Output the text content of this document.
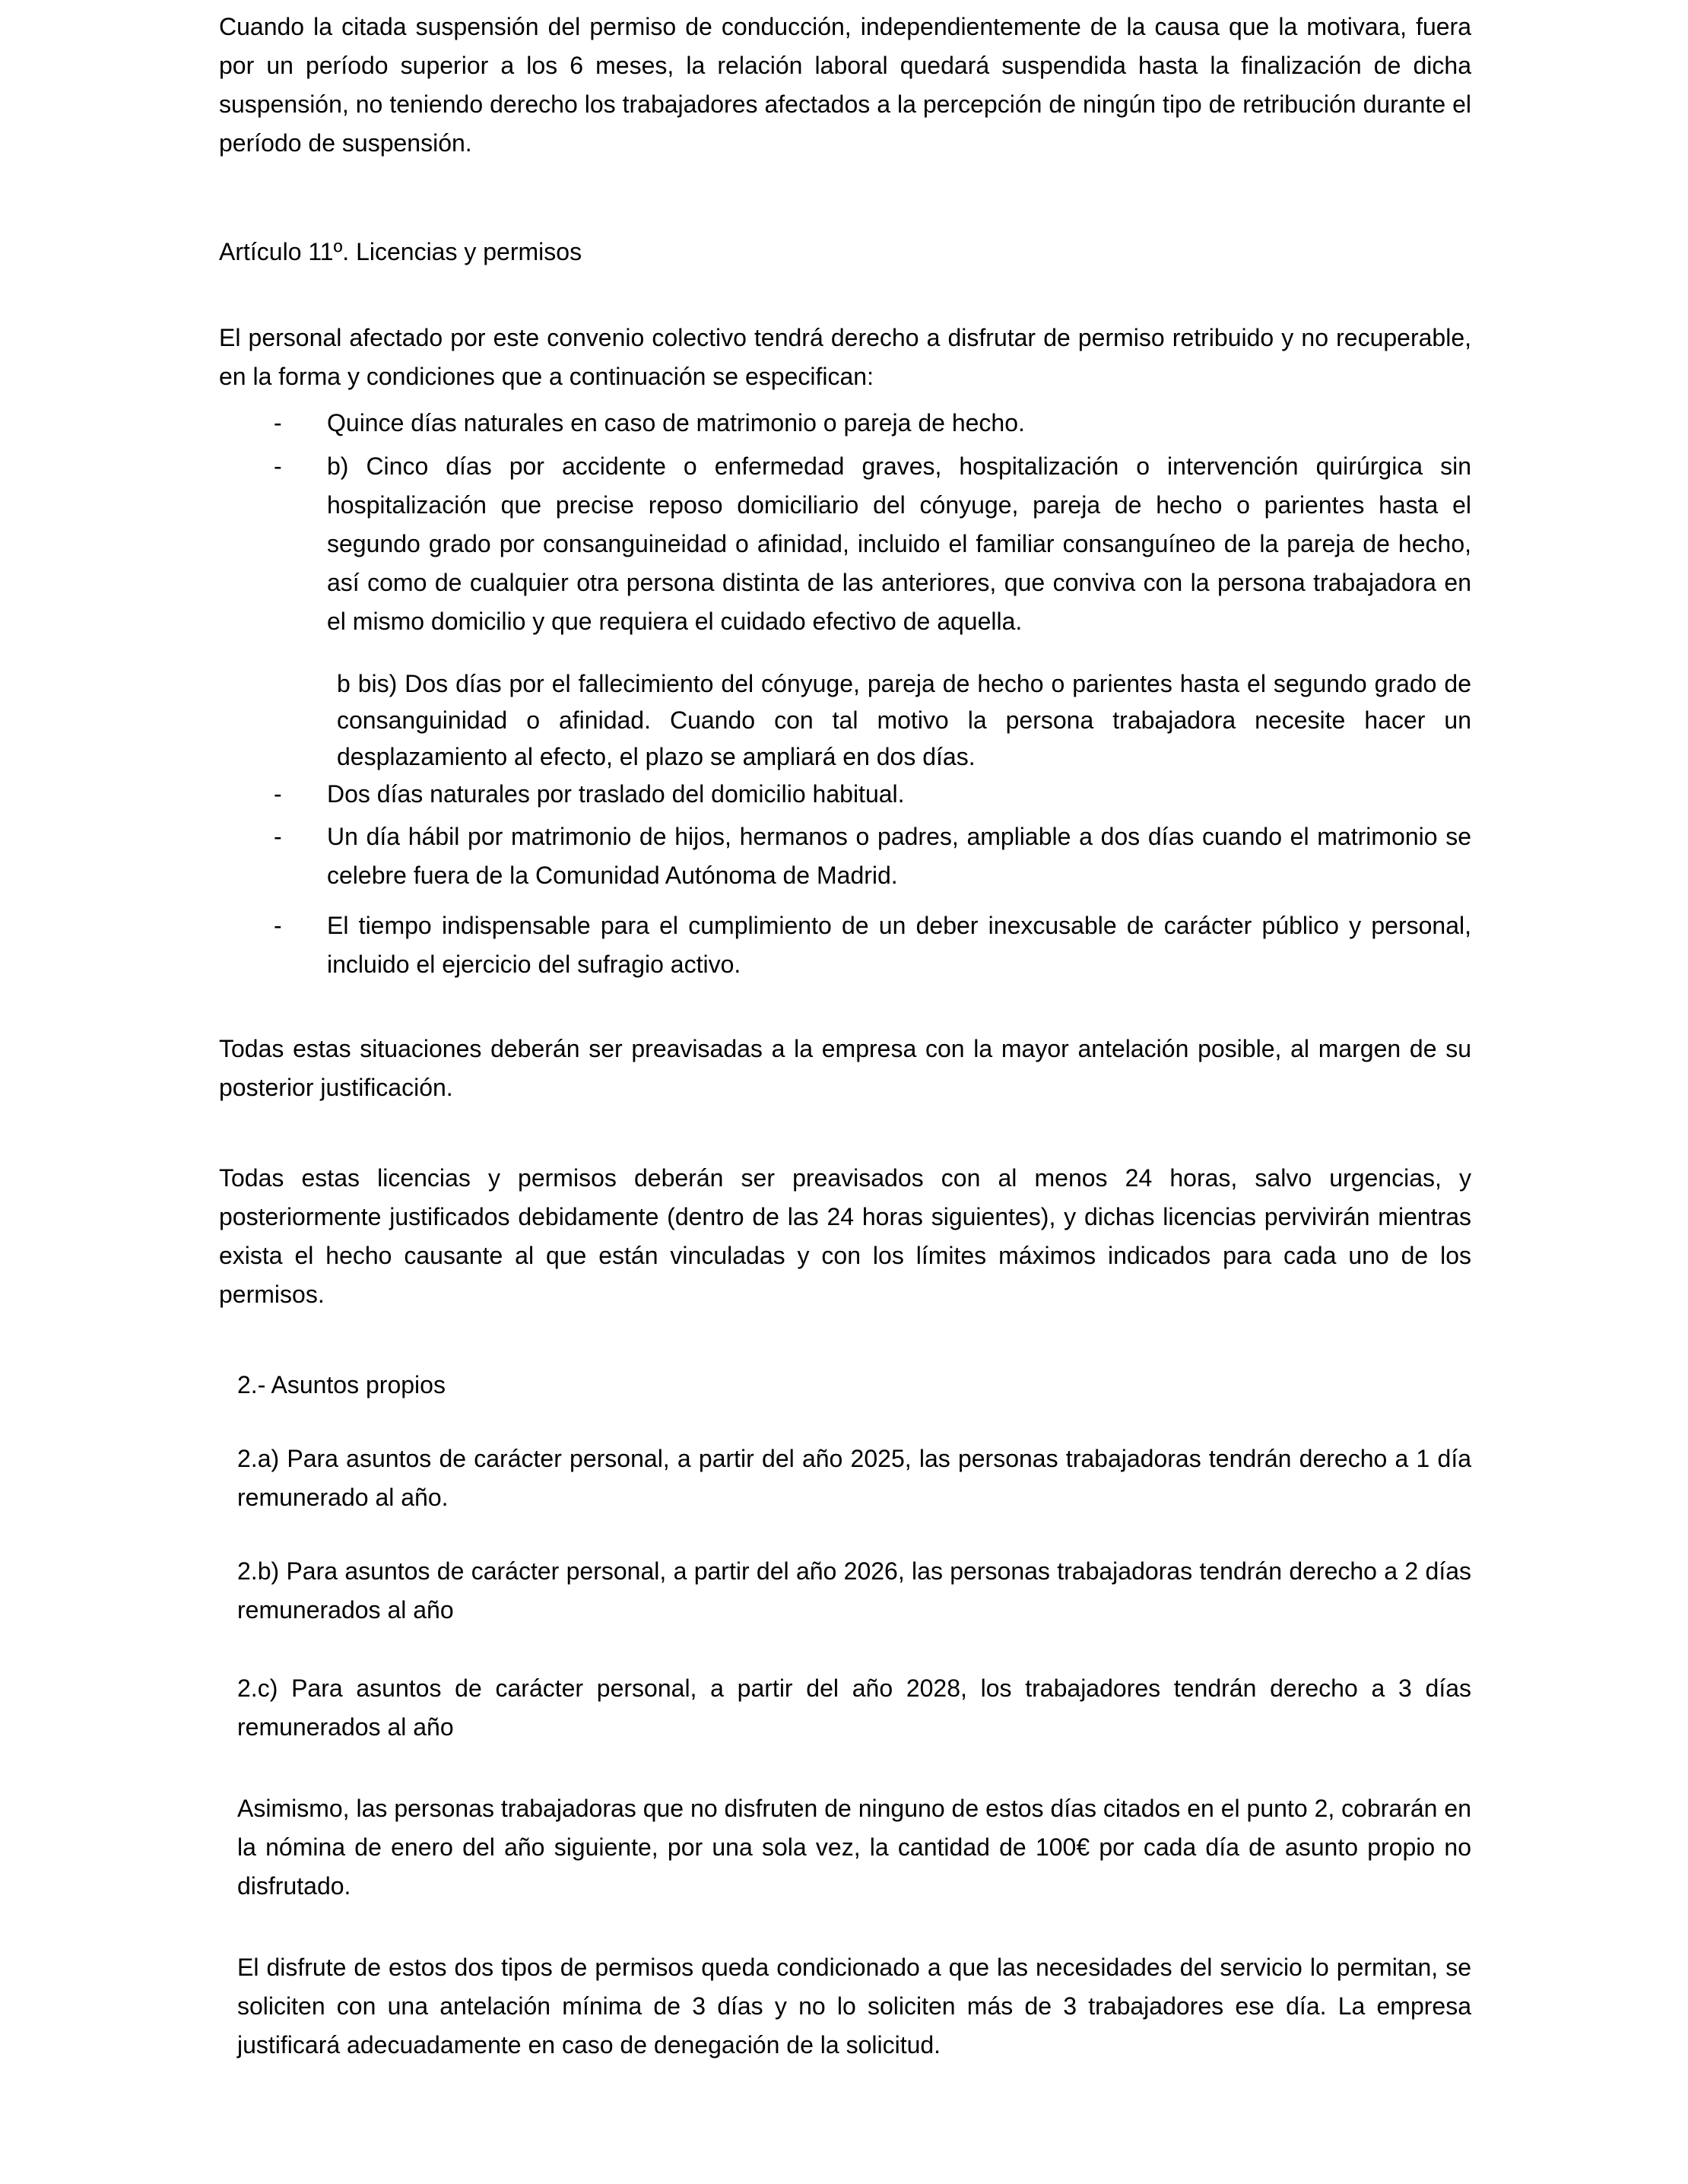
Cuando la citada suspensión del permiso de conducción, independientemente de la causa que la motivara, fuera por un período superior a los 6 meses, la relación laboral quedará suspendida hasta la finalización de dicha suspensión, no teniendo derecho los trabajadores afectados a la percepción de ningún tipo de retribución durante el período de suspensión.

Artículo 11º. Licencias y permisos

El personal afectado por este convenio colectivo tendrá derecho a disfrutar de permiso retribuido y no recuperable, en la forma y condiciones que a continuación se especifican:

- Quince días naturales en caso de matrimonio o pareja de hecho.
- b) Cinco días por accidente o enfermedad graves, hospitalización o intervención quirúrgica sin hospitalización que precise reposo domiciliario del cónyuge, pareja de hecho o parientes hasta el segundo grado por consanguineidad o afinidad, incluido el familiar consanguíneo de la pareja de hecho, así como de cualquier otra persona distinta de las anteriores, que conviva con la persona trabajadora en el mismo domicilio y que requiera el cuidado efectivo de aquella.

b bis) Dos días por el fallecimiento del cónyuge, pareja de hecho o parientes hasta el segundo grado de consanguinidad o afinidad. Cuando con tal motivo la persona trabajadora necesite hacer un desplazamiento al efecto, el plazo se ampliará en dos días.

- Dos días naturales por traslado del domicilio habitual.
- Un día hábil por matrimonio de hijos, hermanos o padres, ampliable a dos días cuando el matrimonio se celebre fuera de la Comunidad Autónoma de Madrid.
- El tiempo indispensable para el cumplimiento de un deber inexcusable de carácter público y personal, incluido el ejercicio del sufragio activo.

Todas estas situaciones deberán ser preavisadas a la empresa con la mayor antelación posible, al margen de su posterior justificación.

Todas estas licencias y permisos deberán ser preavisados con al menos 24 horas, salvo urgencias, y posteriormente justificados debidamente (dentro de las 24 horas siguientes), y dichas licencias pervivirán mientras exista el hecho causante al que están vinculadas y con los límites máximos indicados para cada uno de los permisos.

2.- Asuntos propios

2.a) Para asuntos de carácter personal, a partir del año 2025, las personas trabajadoras tendrán derecho a 1 día remunerado al año.

2.b) Para asuntos de carácter personal, a partir del año 2026, las personas trabajadoras tendrán derecho a 2 días remunerados al año

2.c) Para asuntos de carácter personal, a partir del año 2028, los trabajadores tendrán derecho a 3 días remunerados al año

Asimismo, las personas trabajadoras que no disfruten de ninguno de estos días citados en el punto 2, cobrarán en la nómina de enero del año siguiente, por una sola vez, la cantidad de 100€ por cada día de asunto propio no disfrutado.

El disfrute de estos dos tipos de permisos queda condicionado a que las necesidades del servicio lo permitan, se soliciten con una antelación mínima de 3 días y no lo soliciten más de 3 trabajadores ese día. La empresa justificará adecuadamente en caso de denegación de la solicitud.
